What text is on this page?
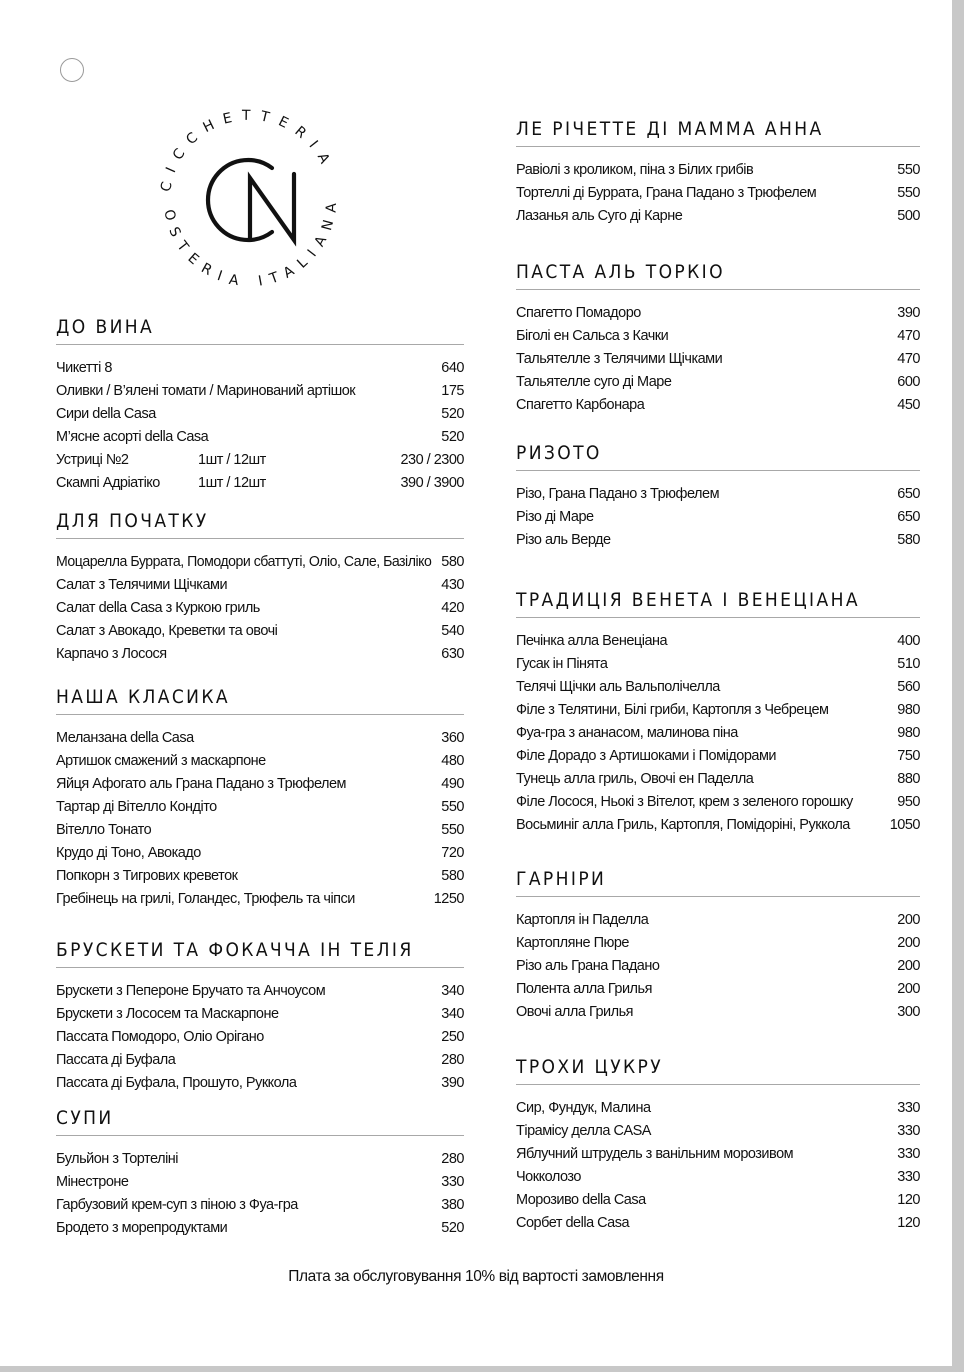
CICCHETTERIA
OSTERIA ITALIANA
ДО ВИНА
Чикетті 8	640
Оливки / В’ялені томати / Маринований артішок	175
Сири della Casa	520
М’ясне асорті della Casa	520
Устриці №2	1шт / 12шт	230 / 2300
Скампі Адріатіко	1шт / 12шт	390 / 3900
ДЛЯ ПОЧАТКУ
Моцарелла Буррата, Помодори сбаттуті, Оліо, Сале, Базіліко 580
Салат з Телячими Щічками	430
Салат della Casa з Куркою гриль	420
Салат з Авокадо, Креветки та овочі	540
Карпачо з Лосося	630
НАША КЛАСИКА
Меланзана della Casa	360
Артишок смажений з маскарпоне	480
Яйця Афогато аль Грана Падано з Трюфелем	490
Тартар ді Вітелло Кондіто	550
Вітелло Тонато	550
Крудо ді Тоно, Авокадо	720
Попкорн з Тигрових креветок	580
Гребінець на грилі, Голандес, Трюфель та чіпси	1250
БРУСКЕТИ ТА ФОКАЧЧА ІН ТЕЛІЯ
Брускети з Пепероне Бручато та Анчоусом	340
Брускети з Лососем та Маскарпоне	340
Пассата Помодоро, Оліо Орігано	250
Пассата ді Буфала	280
Пассата ді Буфала, Прошуто, Руккола	390
СУПИ
Бульйон з Тортеліні	280
Мінестроне	330
Гарбузовий крем-суп з піною з Фуа-гра	380
Бродето з морепродуктами	520
ЛЕ РІЧЕТТЕ ДІ МАММА АННА
Равіолі з кроликом, піна з Білих грибів	550
Тортеллі ді Буррата, Грана Падано з Трюфелем	550
Лазанья аль Суго ді Карне	500
ПАСТА АЛЬ ТОРКІО
Спагетто Помадоро	390
Біголі ен Сальса з Качки	470
Тальятелле з Телячими Щічками	470
Тальятелле суго ді Маре	600
Спагетто Карбонара	450
РИЗОТО
Різо, Грана Падано з Трюфелем	650
Різо ді Маре	650
Різо аль Верде	580
ТРАДИЦІЯ ВЕНЕТА І ВЕНЕЦІАНА
Печінка алла Венеціана	400
Гусак ін Пінята	510
Телячі Щічки аль Вальполічелла	560
Філе з Телятини, Білі гриби, Картопля з Чебрецем	980
Фуа-гра з ананасом, малинова піна	980
Філе Дорадо з Артишоками і Помідорами	750
Тунець алла гриль, Овочі ен Паделла	880
Філе Лосося, Ньокі з Вітелот, крем з зеленого горошку	950
Восьминіг алла Гриль, Картопля, Помідоріні, Руккола	1050
ГАРНІРИ
Картопля ін Паделла	200
Картопляне Пюре	200
Різо аль Грана Падано	200
Полента алла Грилья	200
Овочі алла Грилья	300
ТРОХИ ЦУКРУ
Сир, Фундук, Малина	330
Тірамісу делла CASA	330
Яблучний штрудель з ванільним морозивом	330
Чокколозо	330
Морозиво della Casa	120
Сорбет della Casa	120
Плата за обслуговування 10% від вартості замовлення
